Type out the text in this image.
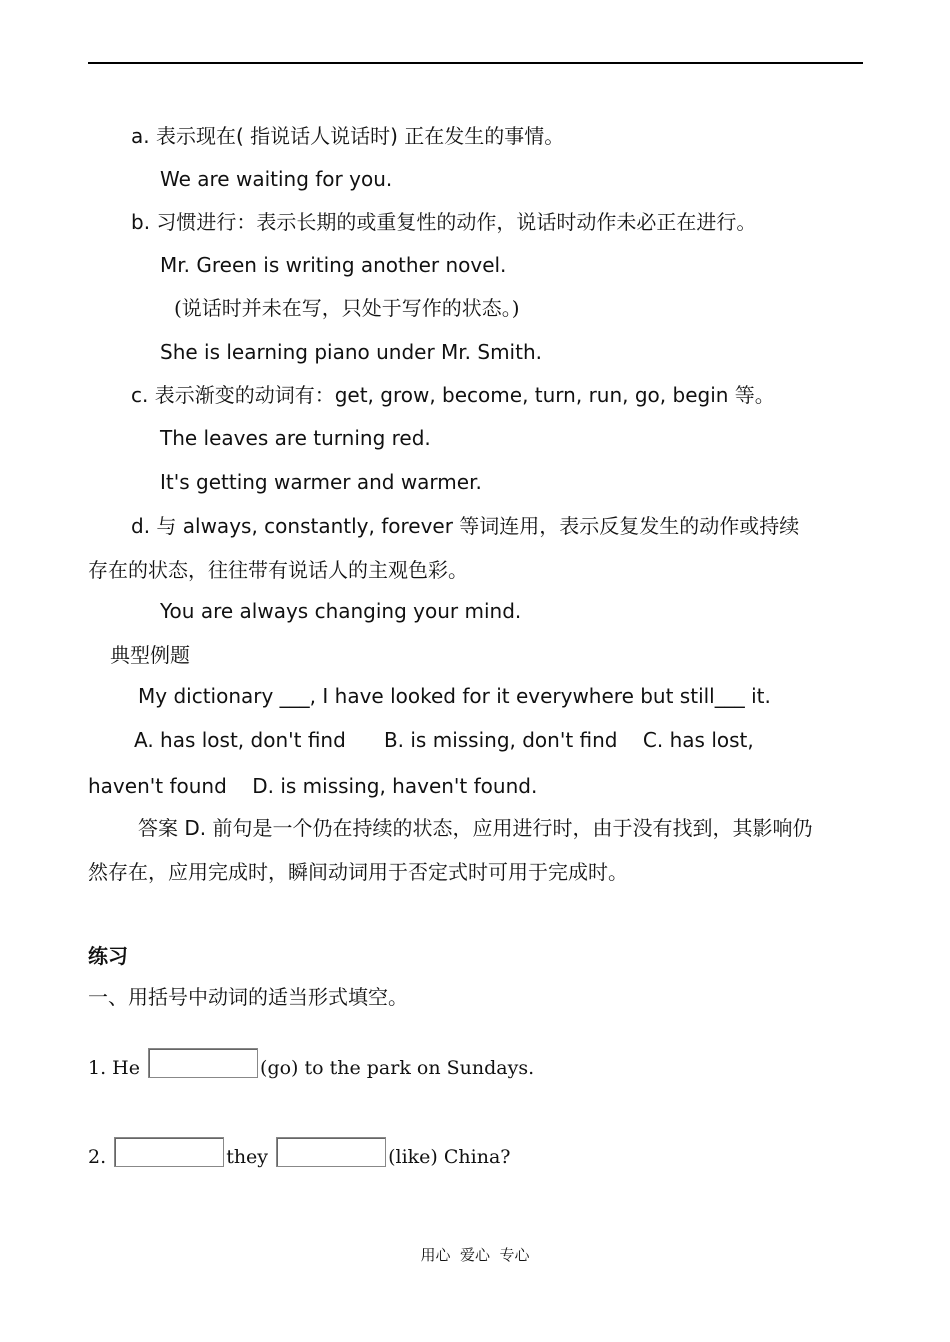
a. 表示现在( 指说话人说话时) 正在发生的事情。
We are waiting for you.
b. 习惯进行：表示长期的或重复性的动作，说话时动作未必正在进行。
Mr. Green is writing another novel.
(说话时并未在写，只处于写作的状态。)
She is learning piano under Mr. Smith.
c. 表示渐变的动词有：get, grow, become, turn, run, go, begin 等。
The leaves are turning red.
It's getting warmer and warmer.
d. 与 always, constantly, forever 等词连用，表示反复发生的动作或持续
存在的状态，往往带有说话人的主观色彩。
You are always changing your mind.
典型例题
My dictionary ___, I have looked for it everywhere but still___ it.
A. has lost, don't find      B. is missing, don't find    C. has lost,
haven't found    D. is missing, haven't found.
答案 D. 前句是一个仍在持续的状态，应用进行时，由于没有找到，其影响仍
然存在，应用完成时，瞬间动词用于否定式时可用于完成时。
练习
一、用括号中动词的适当形式填空。
1. He	(go) to the park on Sundays.
2.	they	(like) China?
用心  爱心  专心
